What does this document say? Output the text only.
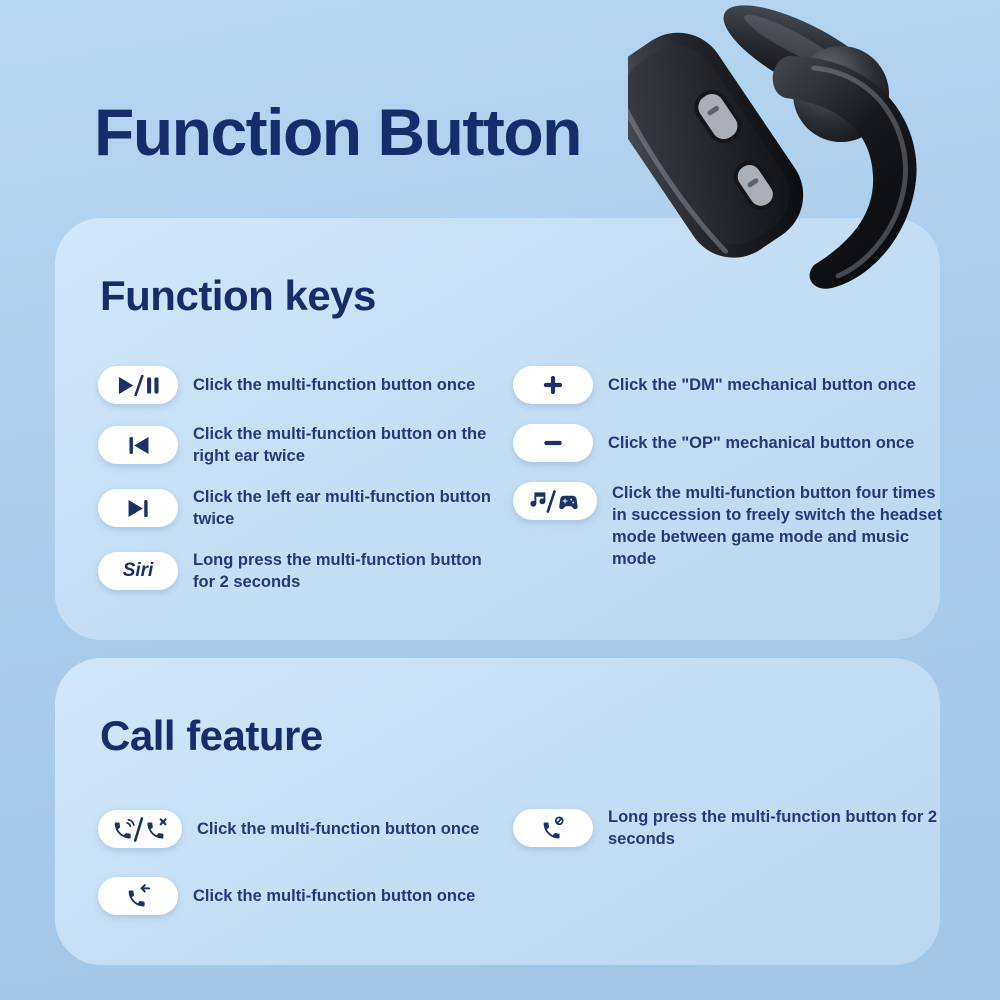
Function Button
Function keys

Click the multi-function button once

Click the multi-function button on the right ear twice

Click the left ear multi-function button twice

Siri Long press the multi-function button for 2 seconds

Click the "DM" mechanical button once

Click the "OP" mechanical button once

Click the multi-function button four times in succession to freely switch the headset mode between game mode and music mode

Call feature

Click the multi-function button once

Click the multi-function button once

Long press the multi-function button for 2 seconds
